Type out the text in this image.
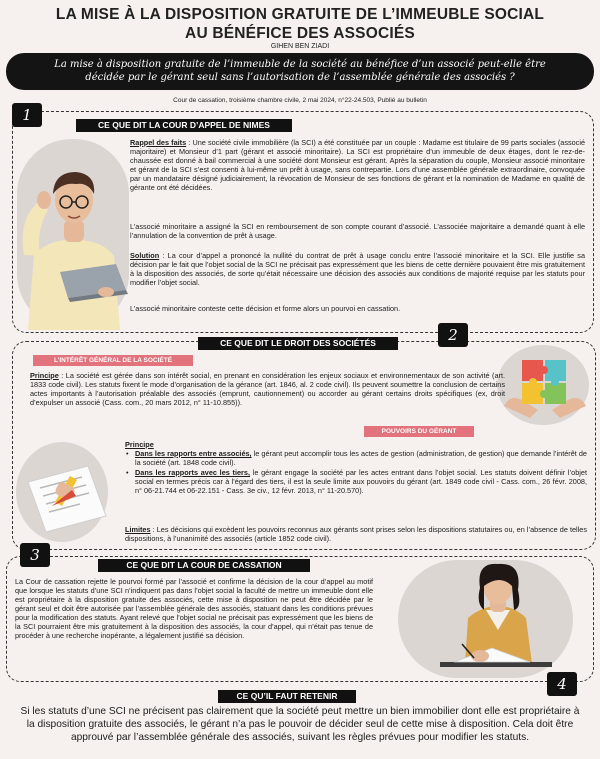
LA MISE À LA DISPOSITION GRATUITE DE L’IMMEUBLE SOCIAL
AU BÉNÉFICE DES ASSOCIÉS
GIHEN BEN ZIADI
La mise à disposition gratuite de l’immeuble de la société au bénéfice d’un associé peut-elle être décidée par le gérant seul sans l’autorisation de l’assemblée générale des associés ?
Cour de cassation, troisième chambre civile, 2 mai 2024, n°22-24.503, Publié au bulletin
1
CE QUE DIT LA COUR D’APPEL DE NIMES
Rappel des faits : Une société civile immobilière (la SCI) a été constituée par un couple : Madame est titulaire de 99 parts sociales (associé majoritaire) et Monsieur d’1 part (gérant et associé minoritaire). La SCI est propriétaire d’un immeuble de deux étages, dont le rez-de-chaussée est donné à bail commercial à une société dont Monsieur est gérant. Après la séparation du couple, Monsieur associé minoritaire et gérant de la SCI s’est consenti à lui-même un prêt à usage, sans contrepartie. Lors d’une assemblée générale extraordinaire, convoquée par un mandataire désigné judiciairement, la révocation de Monsieur de ses fonctions de gérant et la nomination de Madame en qualité de gérante ont été décidées.
L’associé minoritaire a assigné la SCI en remboursement de son compte courant d’associé. L’associée majoritaire a demandé quant à elle l’annulation de la convention de prêt à usage.
Solution : La cour d’appel a prononcé la nullité du contrat de prêt à usage conclu entre l’associé minoritaire et la SCI. Elle justifie sa décision par le fait que l’objet social de la SCI ne précisait pas expressément que les biens de cette dernière pouvaient être mis gratuitement à la disposition des associés, de sorte qu’était nécessaire une décision des associés aux conditions de majorité requise par les statuts pour modifier l’objet social.
L’associé minoritaire conteste cette décision et forme alors un pourvoi en cassation.
2
CE QUE DIT LE DROIT DES SOCIÉTÉS
L’INTÉRÊT GÉNÉRAL DE LA SOCIÉTÉ
Principe : La société est gérée dans son intérêt social, en prenant en considération les enjeux sociaux et environnementaux de son activité (art. 1833 code civil). Les statuts fixent le mode d’organisation de la gérance (art. 1846, al. 2 code civil). Ils peuvent soumettre la conclusion de certains actes importants à l’autorisation préalable des associés (emprunt, cautionnement) ou accorder au gérant certains droits spécifiques (ex, droit d’expulser un associé (Cass. com., 20 mars 2012, n° 11-10.855)).
POUVOIRS DU GÉRANT
Principe
• Dans les rapports entre associés, le gérant peut accomplir tous les actes de gestion (administration, de gestion) que demande l’intérêt de la société (art. 1848 code civil).
• Dans les rapports avec les tiers, le gérant engage la société par les actes entrant dans l’objet social. Les statuts doivent définir l’objet social en termes précis car à l’égard des tiers, il est la seule limite aux pouvoirs du gérant (art. 1849 code civil - Cass. com., 26 févr. 2008, n° 06-21.744 et 06-22.151 - Cass. 3e civ., 12 févr. 2013, n° 11-20.570).
Limites : Les décisions qui excèdent les pouvoirs reconnus aux gérants sont prises selon les dispositions statutaires ou, en l’absence de telles dispositions, à l’unanimité des associés (article 1852 code civil).
3
CE QUE DIT LA COUR DE CASSATION
La Cour de cassation rejette le pourvoi formé par l’associé et confirme la décision de la cour d’appel au motif que lorsque les statuts d’une SCI n’indiquent pas dans l’objet social la faculté de mettre un immeuble dont elle est propriétaire à la disposition gratuite des associés, cette mise à disposition ne peut être décidée par le gérant seul et doit être autorisée par l’assemblée générale des associés, statuant dans les conditions prévues pour la modification des statuts. Ayant relevé que l’objet social ne précisait pas expressément que les biens de la SCI pourraient être mis gratuitement à la disposition des associés, la cour d’appel, qui n’était pas tenue de procéder à une recherche inopérante, a légalement justifié sa décision.
4
CE QU’IL FAUT RETENIR
Si les statuts d’une SCI ne précisent pas clairement que la société peut mettre un bien immobilier dont elle est propriétaire à la disposition gratuite des associés, le gérant n’a pas le pouvoir de décider seul de cette mise à disposition. Cela doit être approuvé par l’assemblée générale des associés, suivant les règles prévues pour modifier les statuts.
